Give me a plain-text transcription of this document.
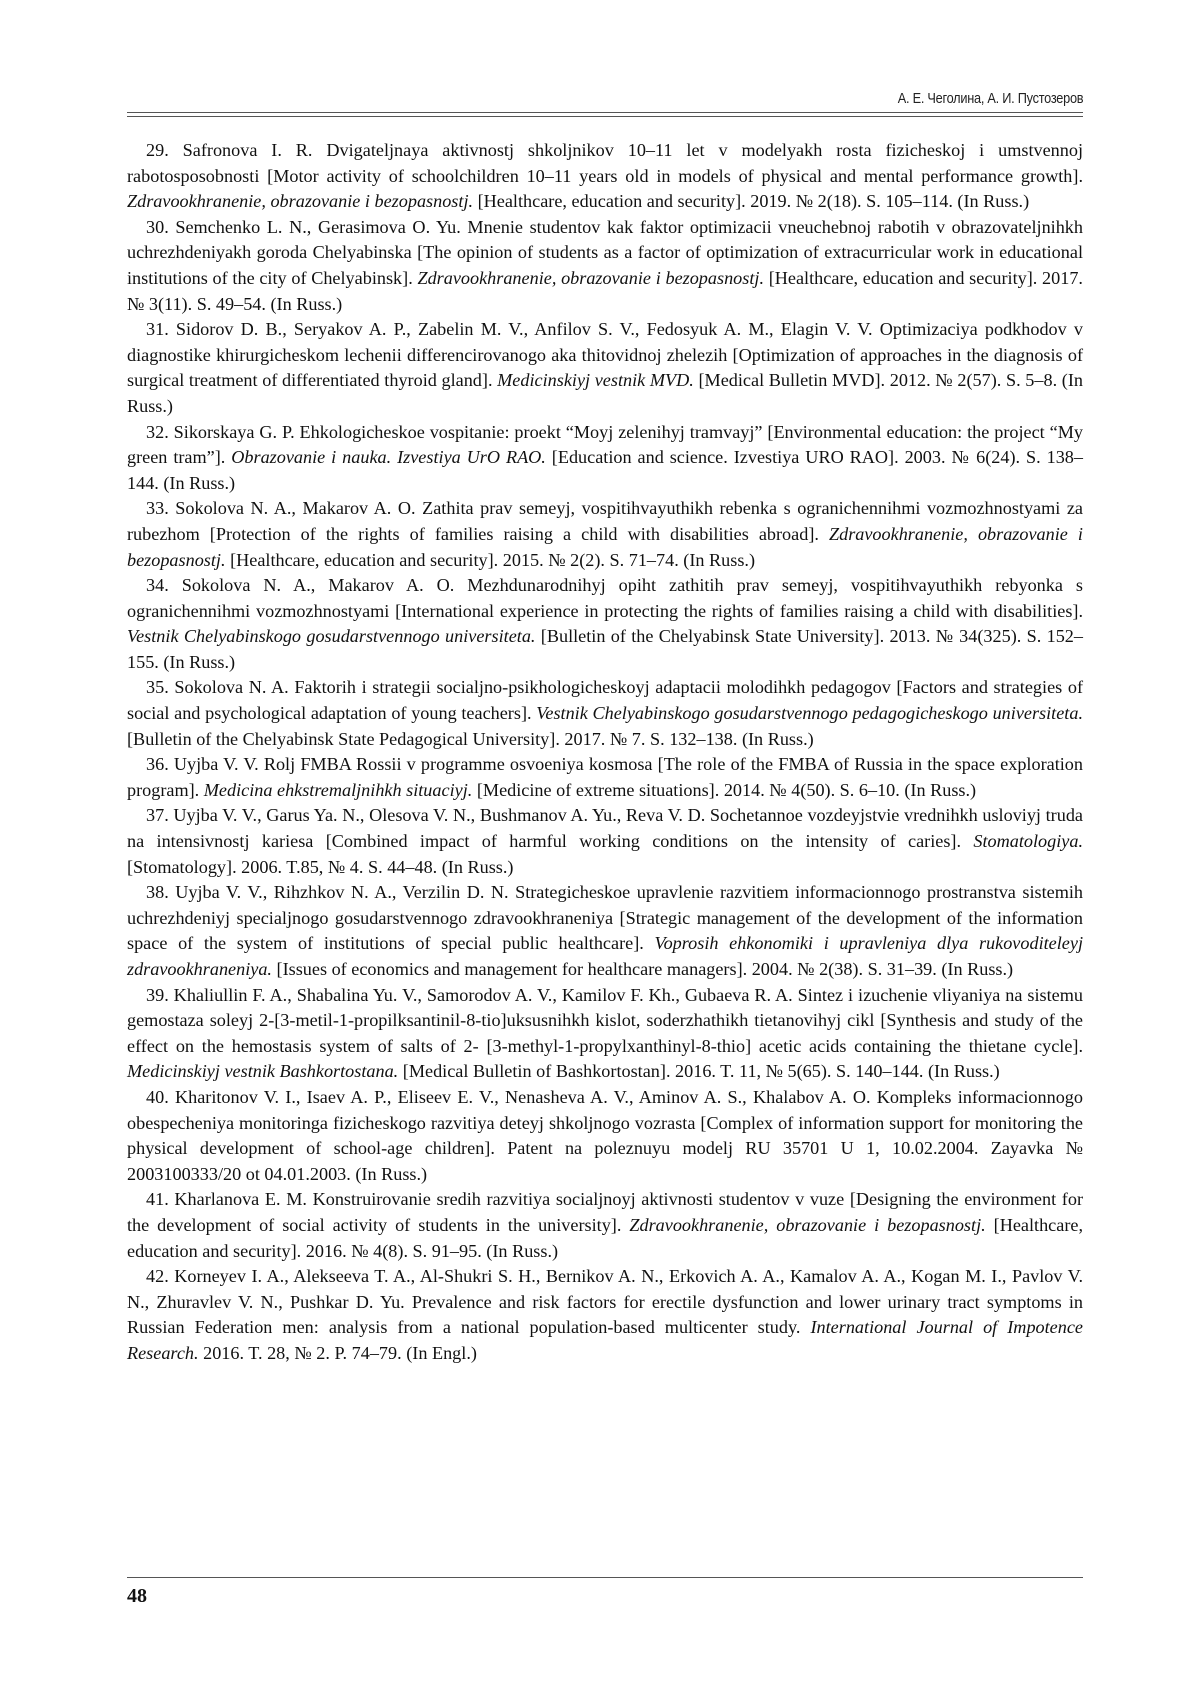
А. Е. Чеголина, А. И. Пустозеров

29. Safronova I. R. Dvigateljnaya aktivnostj shkoljnikov 10–11 let v modelyakh rosta fizicheskoj i umstvennoj rabotosposobnosti [Motor activity of schoolchildren 10–11 years old in models of physical and mental performance growth]. Zdravookhranenie, obrazovanie i bezopasnostj. [Healthcare, education and security]. 2019. № 2(18). S. 105–114. (In Russ.)

30. Semchenko L. N., Gerasimova O. Yu. Mnenie studentov kak faktor optimizacii vneuchebnoj rabotih v obrazovateljnihkh uchrezhdeniyakh goroda Chelyabinska [The opinion of students as a factor of optimization of extracurricular work in educational institutions of the city of Chelyabinsk]. Zdravookhranenie, obrazovanie i bezopasnostj. [Healthcare, education and security]. 2017. № 3(11). S. 49–54. (In Russ.)

31. Sidorov D. B., Seryakov A. P., Zabelin M. V., Anfilov S. V., Fedosyuk A. M., Elagin V. V. Optimizaciya podkhodov v diagnostike khirurgicheskom lechenii differencirovanogo aka thitovidnoj zhelezih [Optimization of approaches in the diagnosis of surgical treatment of differentiated thyroid gland]. Medicinskiyj vestnik MVD. [Medical Bulletin MVD]. 2012. № 2(57). S. 5–8. (In Russ.)

32. Sikorskaya G. P. Ehkologicheskoe vospitanie: proekt “Moyj zelenihyj tramvayj” [Environmental education: the project “My green tram”]. Obrazovanie i nauka. Izvestiya UrO RAO. [Education and science. Izvestiya URO RAO]. 2003. № 6(24). S. 138–144. (In Russ.)

33. Sokolova N. A., Makarov A. O. Zathita prav semeyj, vospitihvayuthikh rebenka s ogranichennihmi vozmozhnostyami za rubezhom [Protection of the rights of families raising a child with disabilities abroad]. Zdravookhranenie, obrazovanie i bezopasnostj. [Healthcare, education and security]. 2015. № 2(2). S. 71–74. (In Russ.)

34. Sokolova N. A., Makarov A. O. Mezhdunarodnihyj opiht zathitih prav semeyj, vospitihvayuthikh rebyonka s ogranichennihmi vozmozhnostyami [International experience in protecting the rights of families raising a child with disabilities]. Vestnik Chelyabinskogo gosudarstvennogo universiteta. [Bulletin of the Chelyabinsk State University]. 2013. № 34(325). S. 152–155. (In Russ.)

35. Sokolova N. A. Faktorih i strategii socialjno-psikhologicheskoyj adaptacii molodihkh pedagogov [Factors and strategies of social and psychological adaptation of young teachers]. Vestnik Chelyabinskogo gosudarstvennogo pedagogicheskogo universiteta. [Bulletin of the Chelyabinsk State Pedagogical University]. 2017. № 7. S. 132–138. (In Russ.)

36. Uyjba V. V. Rolj FMBA Rossii v programme osvoeniya kosmosa [The role of the FMBA of Russia in the space exploration program]. Medicina ehkstremaljnihkh situaciyj. [Medicine of extreme situations]. 2014. № 4(50). S. 6–10. (In Russ.)

37. Uyjba V. V., Garus Ya. N., Olesova V. N., Bushmanov A. Yu., Reva V. D. Sochetannoe vozdeyjstvie vrednihkh usloviyj truda na intensivnostj kariesa [Combined impact of harmful working conditions on the intensity of caries]. Stomatologiya. [Stomatology]. 2006. T.85, № 4. S. 44–48. (In Russ.)

38. Uyjba V. V., Rihzhkov N. A., Verzilin D. N. Strategicheskoe upravlenie razvitiem informacionnogo prostranstva sistemih uchrezhdeniyj specialjnogo gosudarstvennogo zdravookhraneniya [Strategic management of the development of the information space of the system of institutions of special public healthcare]. Voprosih ehkonomiki i upravleniya dlya rukovoditeleyj zdravookhraneniya. [Issues of economics and management for healthcare managers]. 2004. № 2(38). S. 31–39. (In Russ.)

39. Khaliullin F. A., Shabalina Yu. V., Samorodov A. V., Kamilov F. Kh., Gubaeva R. A. Sintez i izuchenie vliyaniya na sistemu gemostaza soleyj 2-[3-metil-1-propilksantinil-8-tio]uksusnihkh kislot, soderzhathikh tietanovihyj cikl [Synthesis and study of the effect on the hemostasis system of salts of 2- [3-methyl-1-propylxanthinyl-8-thio] acetic acids containing the thietane cycle]. Medicinskiyj vestnik Bashkortostana. [Medical Bulletin of Bashkortostan]. 2016. T. 11, № 5(65). S. 140–144. (In Russ.)

40. Kharitonov V. I., Isaev A. P., Eliseev E. V., Nenasheva A. V., Aminov A. S., Khalabov A. O. Kompleks informacionnogo obespecheniya monitoringa fizicheskogo razvitiya deteyj shkoljnogo vozrasta [Complex of information support for monitoring the physical development of school-age children]. Patent na poleznuyu modelj RU 35701 U 1, 10.02.2004. Zayavka № 2003100333/20 ot 04.01.2003. (In Russ.)

41. Kharlanova E. M. Konstruirovanie sredih razvitiya socialjnoyj aktivnosti studentov v vuze [Designing the environment for the development of social activity of students in the university]. Zdravookhranenie, obrazovanie i bezopasnostj. [Healthcare, education and security]. 2016. № 4(8). S. 91–95. (In Russ.)

42. Korneyev I. A., Alekseeva T. A., Al-Shukri S. H., Bernikov A. N., Erkovich A. A., Kamalov A. A., Kogan M. I., Pavlov V. N., Zhuravlev V. N., Pushkar D. Yu. Prevalence and risk factors for erectile dysfunction and lower urinary tract symptoms in Russian Federation men: analysis from a national population-based multicenter study. International Journal of Impotence Research. 2016. T. 28, № 2. P. 74–79. (In Engl.)

48
